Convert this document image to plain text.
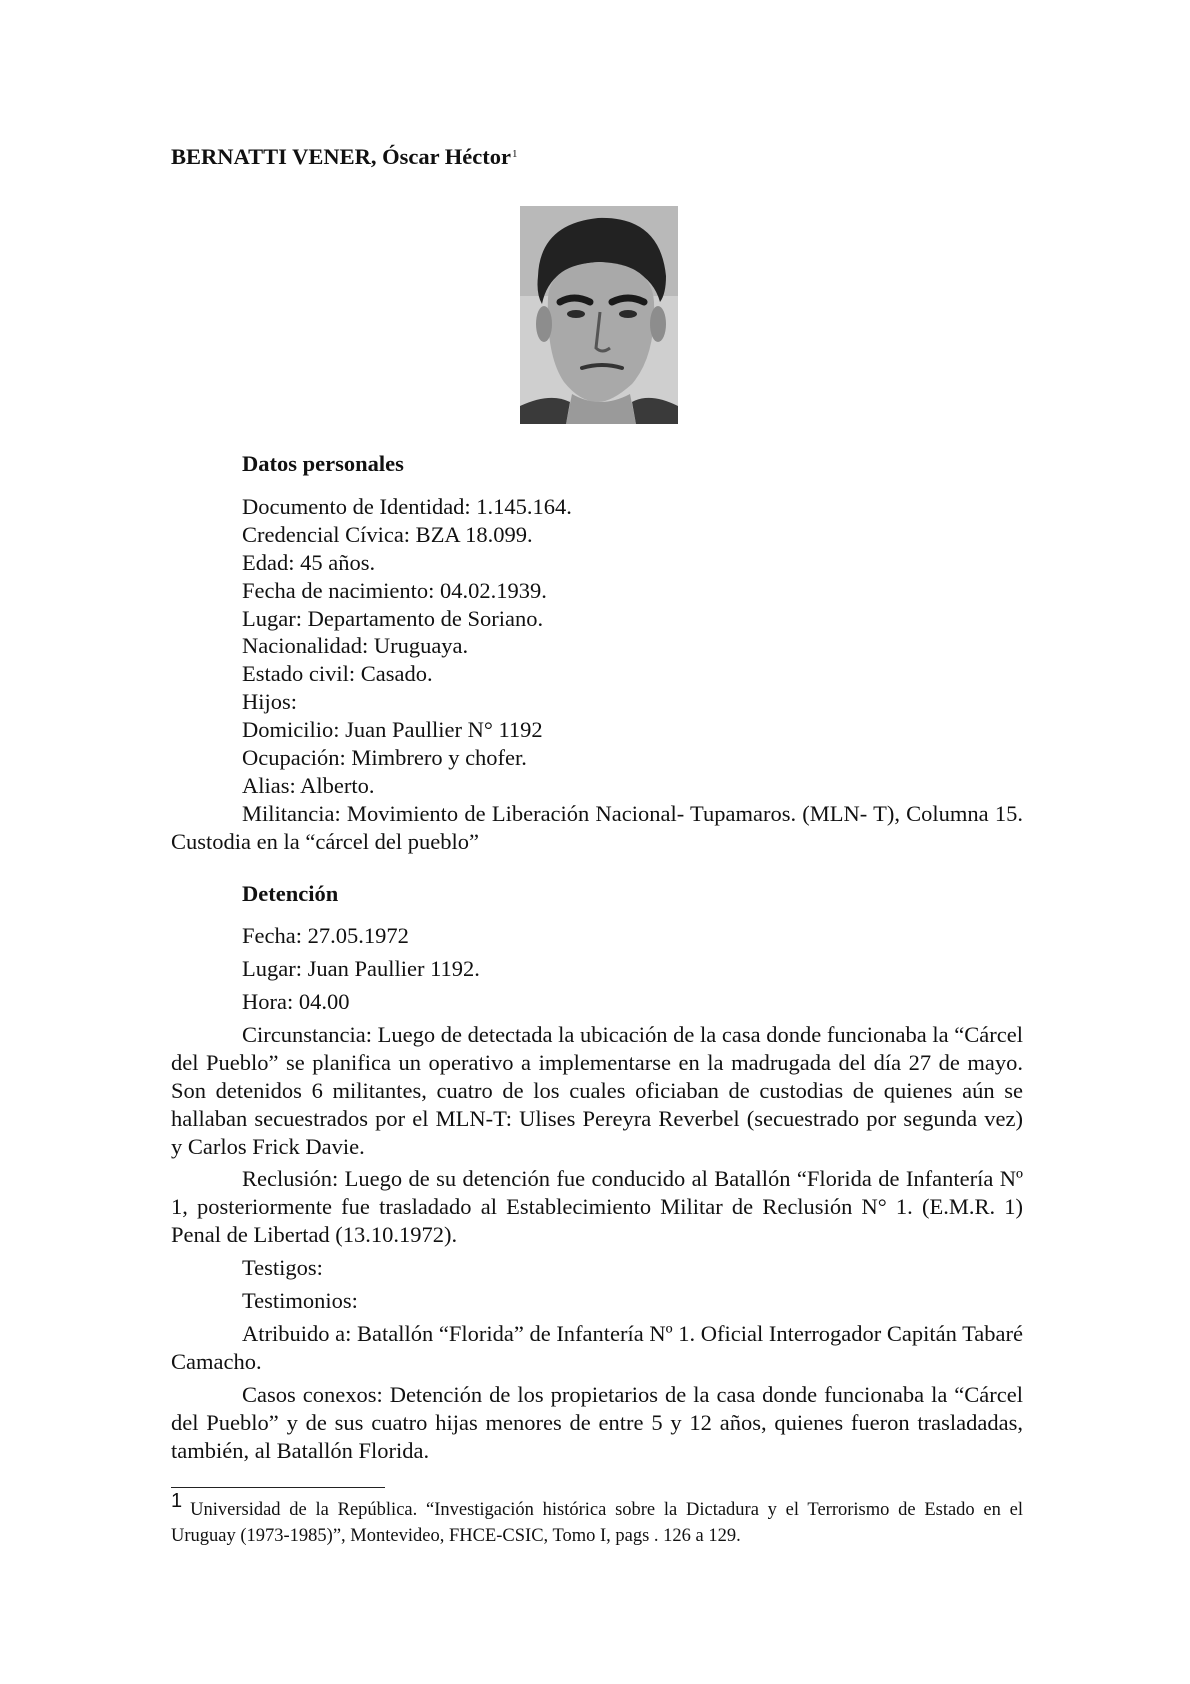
BERNATTI VENER, Óscar Héctor$^1$
Datos personales
Documento de Identidad: 1.145.164.
Credencial Cívica: BZA 18.099.
Edad: 45 años.
Fecha de nacimiento: 04.02.1939.
Lugar: Departamento de Soriano.
Nacionalidad: Uruguaya.
Estado civil: Casado.
Hijos:
Domicilio: Juan Paullier N° 1192
Ocupación: Mimbrero y chofer.
Alias: Alberto.

Militancia: Movimiento de Liberación Nacional- Tupamaros. (MLN- T), Columna 15. Custodia en la “cárcel del pueblo”

Detención
Fecha: 27.05.1972
Lugar: Juan Paullier 1192.
Hora: 04.00

Circunstancia: Luego de detectada la ubicación de la casa donde funcionaba la “Cárcel del Pueblo” se planifica un operativo a implementarse en la madrugada del día 27 de mayo. Son detenidos 6 militantes, cuatro de los cuales oficiaban de custodias de quienes aún se hallaban secuestrados por el MLN-T: Ulises Pereyra Reverbel (secuestrado por segunda vez) y Carlos Frick Davie.

Reclusión: Luego de su detención fue conducido al Batallón “Florida de Infantería Nº 1, posteriormente fue trasladado al Establecimiento Militar de Reclusión N° 1. (E.M.R. 1) Penal de Libertad (13.10.1972).

Testigos:
Testimonios:

Atribuido a: Batallón “Florida” de Infantería Nº 1. Oficial Interrogador Capitán Tabaré Camacho.

Casos conexos: Detención de los propietarios de la casa donde funcionaba la “Cárcel del Pueblo” y de sus cuatro hijas menores de entre 5 y 12 años, quienes fueron trasladadas, también, al Batallón Florida.

1 Universidad de la República. “Investigación histórica sobre la Dictadura y el Terrorismo de Estado en el Uruguay (1973-1985)”, Montevideo, FHCE-CSIC, Tomo I, pags . 126 a 129.
